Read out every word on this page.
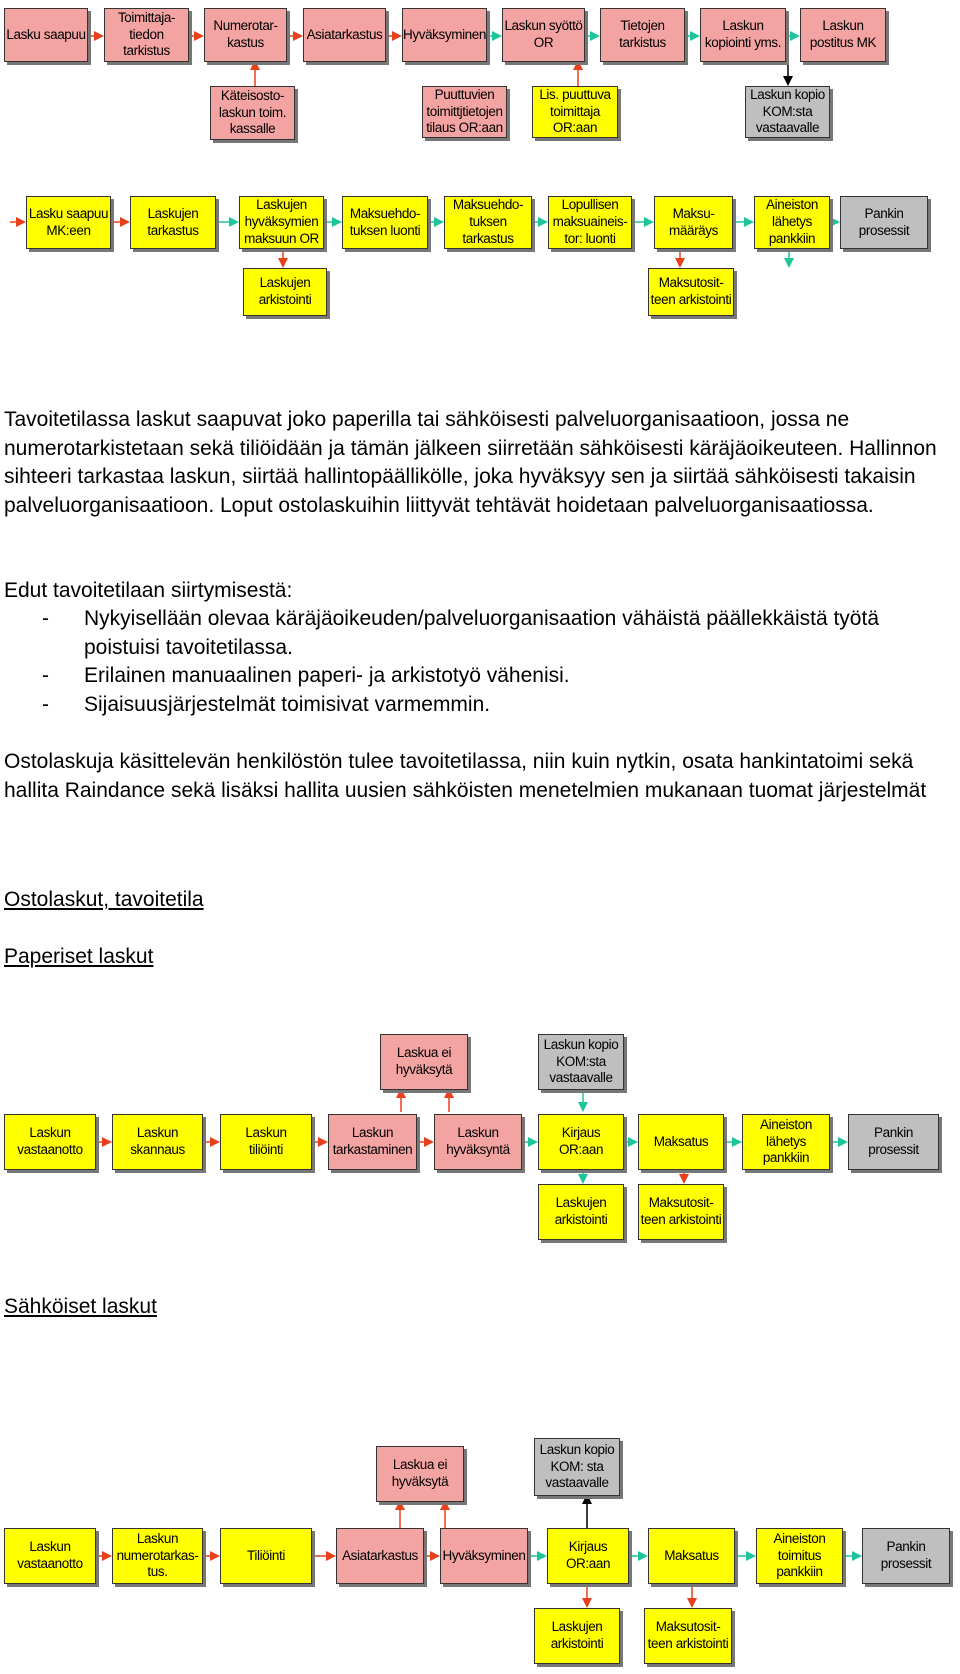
Lasku saapuu
Toimittaja-
tiedon
tarkistus
Numerotar-
kastus
Asiatarkastus Hyväksyminen
Laskun syöttö
OR
Tietojen
tarkistus
Laskun
kopiointi yms.
Laskun
postitus MK
Käteisosto-
laskun toim.
kassalle
Puuttuvien
toimittjtietojen
tilaus OR:aan
Lis. puuttuva
toimittaja
OR:aan
Laskun kopio
KOM:sta
vastaavalle
Lasku saapuu
MK:een
Laskujen
tarkastus
Laskujen
hyväksymien
maksuun OR
Maksuehdo-
tuksen luonti
Maksuehdo-
tuksen
tarkastus
Lopullisen
maksuaineis-
tor: luonti
Maksu-
määräys
Aineiston
lähetys
pankkiin
Pankin
prosessit
Laskujen
arkistointi
Maksutosit-
teen arkistointi

Tavoitetilassa laskut saapuvat joko paperilla tai sähköisesti palveluorganisaatioon, jossa ne numerotarkistetaan sekä tiliöidään ja tämän jälkeen siirretään sähköisesti käräjäoikeuteen. Hallinnon sihteeri tarkastaa laskun, siirtää hallintopäällikölle, joka hyväksyy sen ja siirtää sähköisesti takaisin palveluorganisaatioon. Loput ostolaskuihin liittyvät tehtävät hoidetaan palveluorganisaatiossa.

Edut tavoitetilaan siirtymisestä:

- Nykyisellään olevaa käräjäoikeuden/palveluorganisaation vähäistä päällekkäistä työtä poistuisi tavoitetilassa.
- Erilainen manuaalinen paperi- ja arkistotyö vähenisi.
- Sijaisuusjärjestelmät toimisivat varmemmin.

Ostolaskuja käsittelevän henkilöstön tulee tavoitetilassa, niin kuin nytkin, osata hankintatoimi sekä hallita Raindance sekä lisäksi hallita uusien sähköisten menetelmien mukanaan tuomat järjestelmät

Ostolaskut, tavoitetila
Paperiset laskut
Laskun
vastaanotto
Laskun
skannaus
Laskun
tiliöinti
Laskun
tarkastaminen
Laskun
hyväksyntä
Kirjaus
OR:aan
Maksatus
Aineiston
lähetys pankkiin
Pankin
prosessit
Laskua ei
hyväksytä
Laskun kopio
KOM:sta
vastaavalle
Laskujen
arkistointi
Maksutosit-
teen arkistointi
Sähköiset laskut
Laskun
vastaanotto
Laskun
numerotarkas-
tus.
Tiliöinti	Asiatarkastus	Hyväksyminen
Kirjaus
OR:aan
Maksatus
Aineiston
toimitus
pankkiin
Pankin
prosessit
Laskua ei
hyväksytä
Laskun kopio
KOM: sta
vastaavalle
Laskujen
arkistointi
Maksutosit-
teen arkistointi
